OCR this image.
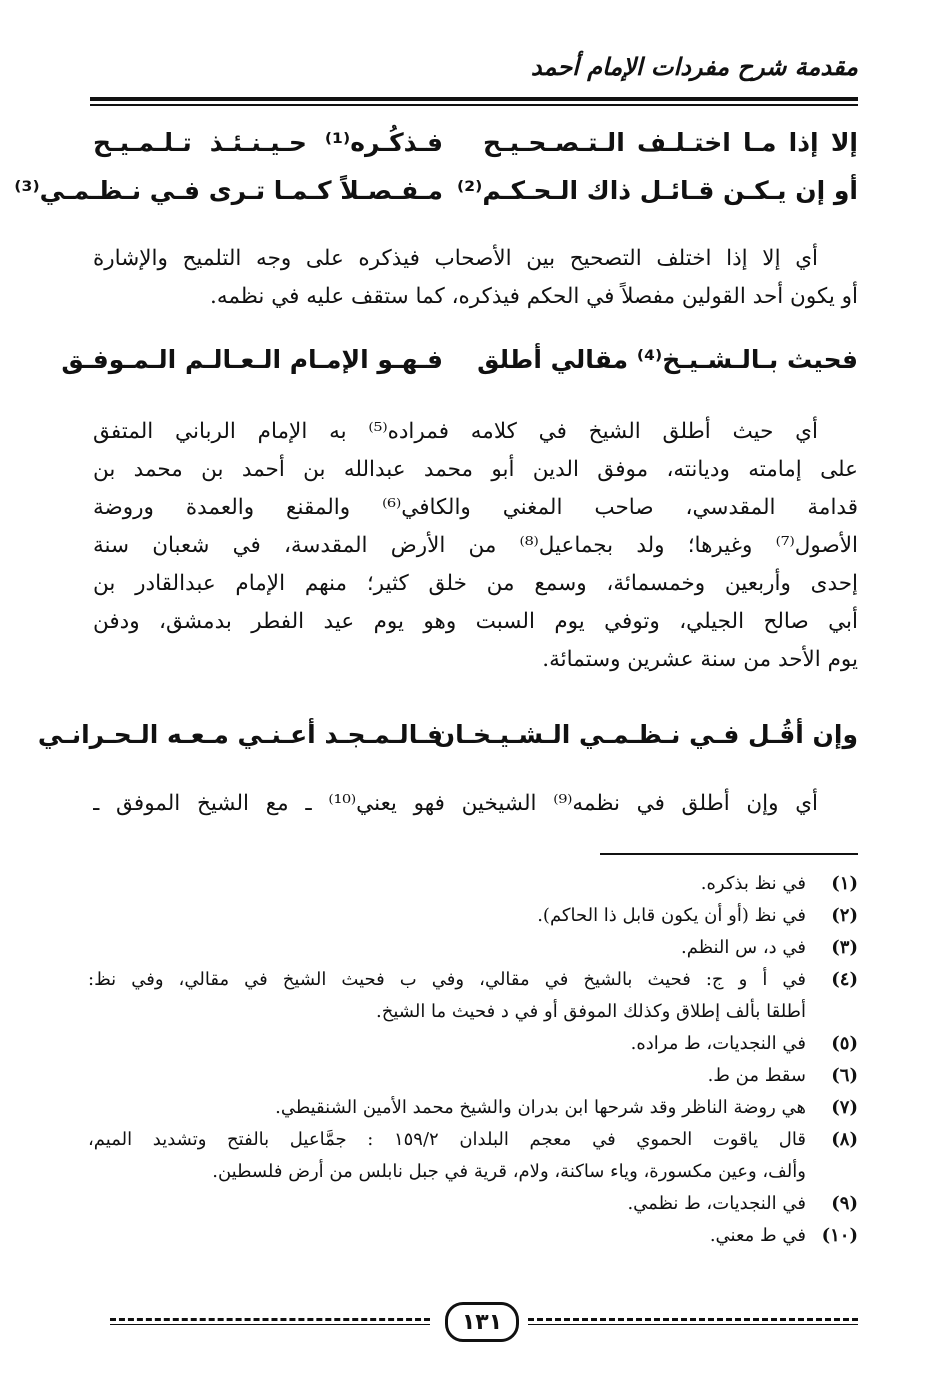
مقدمة شرح مفردات الإمام أحمد
إلا إذا مـا اختـلـف الـتـصـحـيـح
فـذكُـره⁽¹⁾ حـيـنـئـذ تـلـمـيـح
أو إن يـكـن قـائـل ذاك الـحـكـم⁽²⁾
مـفـصـلاً كـمـا تـرى فـي نـظـمـي⁽³⁾
أي إلا إذا اختلف التصحيح بين الأصحاب فيذكره على وجه التلميح والإشارة
أو يكون أحد القولين مفصلاً في الحكم فيذكره، كما ستقف عليه في نظمه.
فحيث بـالـشـيـخ⁽⁴⁾ مقالي أطلق
فـهـو الإمـام الـعـالـم الـمـوفـق
أي حيث أطلق الشيخ في كلامه فمراده⁽⁵⁾ به الإمام الرباني المتفق
على إمامته وديانته، موفق الدين أبو محمد عبدالله بن أحمد بن محمد بن
قدامة المقدسي، صاحب المغني والكافي⁽⁶⁾ والمقنع والعمدة وروضة
الأصول⁽⁷⁾ وغيرها؛ ولد بجماعيل⁽⁸⁾ من الأرض المقدسة، في شعبان سنة
إحدى وأربعين وخمسمائة، وسمع من خلق كثير؛ منهم الإمام عبدالقادر بن
أبي صالح الجيلي، وتوفي يوم السبت وهو يوم عيد الفطر بدمشق، ودفن
يوم الأحد من سنة عشرين وستمائة.
وإن أقُـل فـي نـظـمـي الـشـيـخـان
فـالـمـجـد أعـنـي مـعـه الـحـرانـي
أي وإن أطلق في نظمه⁽⁹⁾ الشيخين فهو يعني⁽¹⁰⁾ ـ مع الشيخ الموفق ـ
(١)
في نظ بذكره.
(٢)
في نظ (أو أن يكون قابل ذا الحاكم).
(٣)
في د، س النظم.
(٤)
في أ و ج: فحيث بالشيخ في مقالي، وفي ب فحيث الشيخ في مقالي، وفي نظ:
أطلقا بألف إطلاق وكذلك الموفق أو في د فحيث ما الشيخ.
(٥)
في النجديات، ط مراده.
(٦)
سقط من ط.
(٧)
هي روضة الناظر وقد شرحها ابن بدران والشيخ محمد الأمين الشنقيطي.
(٨)
قال ياقوت الحموي في معجم البلدان ١٥٩/٢ : جمَّاعيل بالفتح وتشديد الميم،
وألف، وعين مكسورة، وياء ساكنة، ولام، قرية في جبل نابلس من أرض فلسطين.
(٩)
في النجديات، ط نظمي.
(١٠)
في ط معني.
١٣١
